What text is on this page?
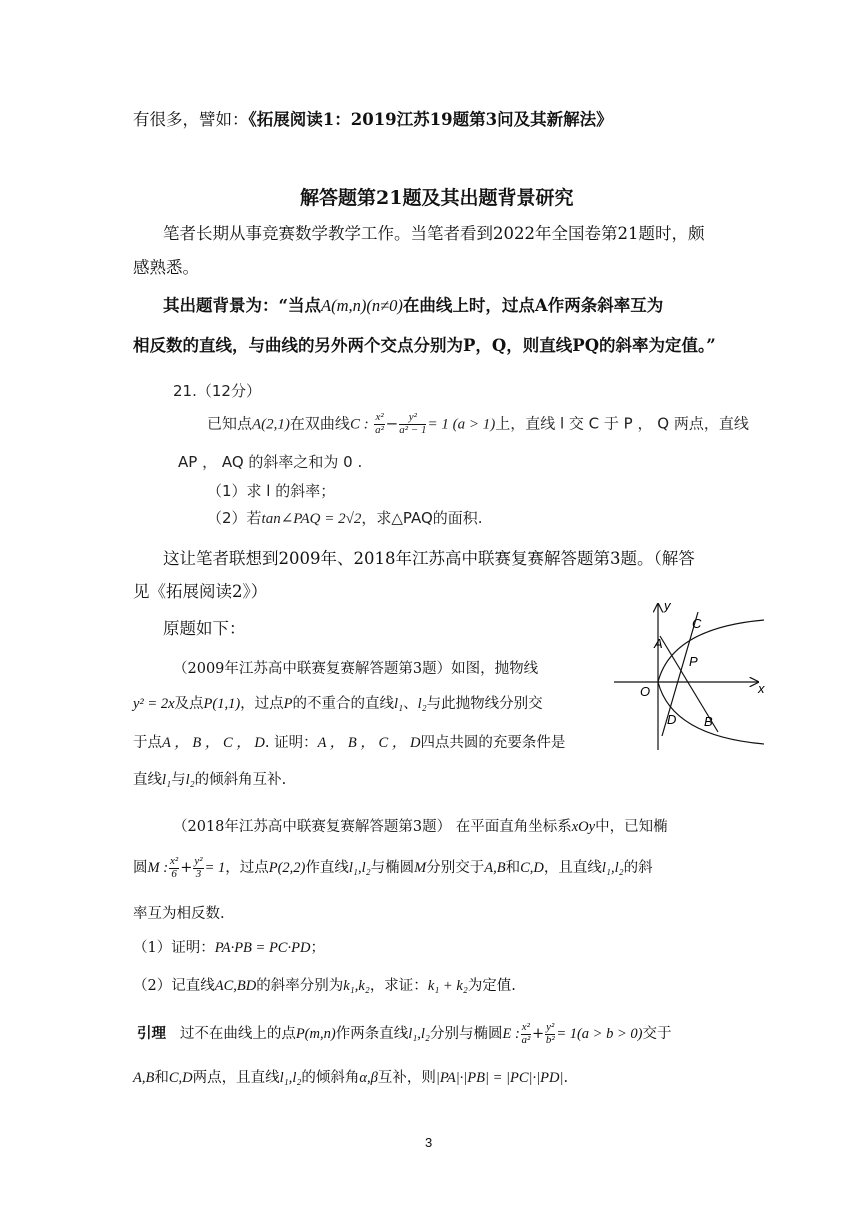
有很多，譬如：《拓展阅读1：2019江苏19题第3问及其新解法》
解答题第21题及其出题背景研究
笔者长期从事竞赛数学教学工作。当笔者看到2022年全国卷第21题时，颇
感熟悉。
其出题背景为：“当点A(m,n)(n≠0)在曲线上时，过点A作两条斜率互为
相反数的直线，与曲线的另外两个交点分别为P，Q，则直线PQ的斜率为定值。”
21.（12分）
已知点A(2,1)在双曲线C : $\frac{\text{x²}}{\text{a²}} - \frac{\text{y²}}{\text{a² − 1}} = 1$ (a > 1)上，直线 l 交 C 于 P ， Q 两点，直线
AP ， AQ 的斜率之和为 0 .
（1）求 l 的斜率；
（2）若tan∠PAQ = 2√2，求△PAQ的面积.
这让笔者联想到2009年、2018年江苏高中联赛复赛解答题第3题。（解答
见《拓展阅读2》）
原题如下：
（2009年江苏高中联赛复赛解答题第3题）如图，抛物线
y² = 2x及点P(1,1)，过点P的不重合的直线l₁、l₂与此抛物线分别交
于点A ， B ， C ， D. 证明：A ， B ， C ， D四点共圆的充要条件是
直线l₁与l₂的倾斜角互补.
y
x
O
A
C
P
D B
（2018年江苏高中联赛复赛解答题第3题） 在平面直角坐标系xOy中，已知椭
圆M : $\frac{\text{x²}}{6} + \frac{\text{y²}}{3} = 1$，过点P(2,2)作直线l₁,l₂与椭圆M分别交于A,B和C,D，且直线l₁,l₂的斜
率互为相反数.
（1）证明：PA·PB = PC·PD；
（2）记直线AC,BD的斜率分别为k₁,k₂，求证：k₁ + k₂为定值.
引理 过不在曲线上的点P(m,n)作两条直线l₁,l₂分别与椭圆E : $\frac{\text{x²}}{\text{a²}} + \frac{\text{y²}}{\text{b²}} = 1(a > b > 0)$交于
A,B和C,D两点，且直线l₁,l₂的倾斜角α,β互补，则|PA|·|PB| = |PC|·|PD|.
3
